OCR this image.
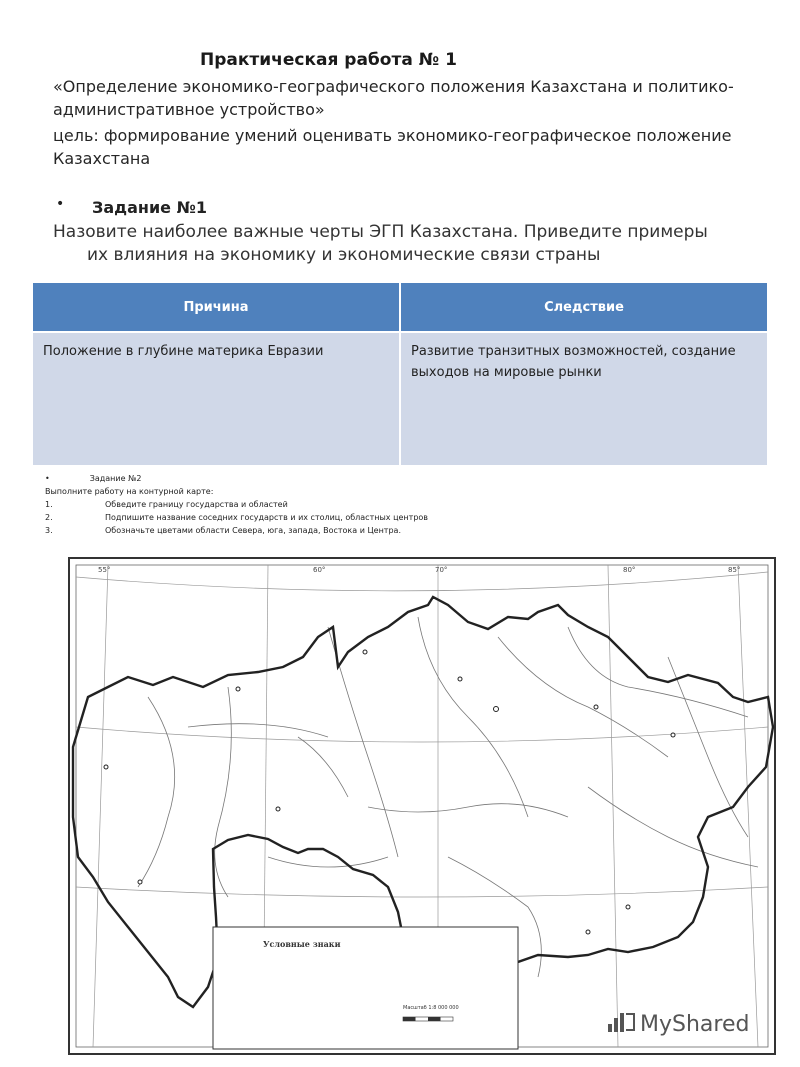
Практическая работа № 1
«Определение экономико-географического положения Казахстана и политико-административное устройство»
цель: формирование умений оценивать экономико-географическое положение Казахстана
• Задание №1
Назовите наиболее важные черты ЭГП Казахстана. Приведите примеры
их влияния на экономику и экономические связи страны
Причина	Следствие
Положение в глубине материка Евразии	Развитие транзитных возможностей, создание выходов на мировые рынки
•	Задание №2
Выполните работу на контурной карте:
1.	Обведите границу государства и областей
2.	Подпишите название соседних государств и их столиц, областных центров
3.	Обозначьте цветами области Севера, юга, запада, Востока и Центра.
55°	60°	70°	80°	85°
Условные знаки
Масштаб 1:8 000 000
MyShared
